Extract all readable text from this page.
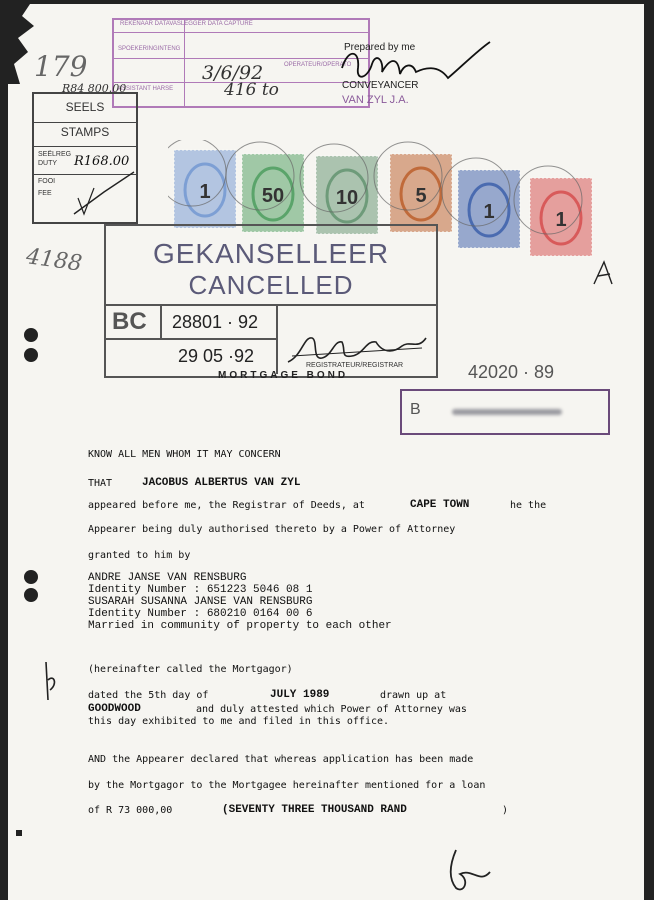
REKENAAR DATAVASLEGGER DATA CAPTURE
SPOEKERINGINTENG
OPERATEUR/OPERATO
ASSISTANT HARSE
3/6/92
416 to
179
R84 800.00
Prepared by me
CONVEYANCER
VAN ZYL J.A.
SEELS
STAMPS
SEËLREG DUTY	R168.00
FOOI
FEE
4188
1	50	10	5
1	1
GEKANSELLEER
CANCELLED
BC 28801 · 92
29 05 ·92	REGISTRATEUR/REGISTRAR
MORTGAGE BOND	42020 · 89
B
KNOW ALL MEN WHOM IT MAY CONCERN
THAT	JACOBUS ALBERTUS VAN ZYL
appeared before me, the Registrar of Deeds, at	CAPE TOWN	he the
Appearer being duly authorised thereto by a Power of Attorney
granted to him by
ANDRE JANSE VAN RENSBURG
Identity Number : 651223 5046 08 1
SUSARAH SUSANNA JANSE VAN RENSBURG
Identity Number : 680210 0164 00 6
Married in community of property to each other
(hereinafter called the Mortgagor)
dated the 5th day of	JULY 1989	drawn up at
GOODWOOD	and duly attested which Power of Attorney was
this day exhibited to me and filed in this office.
AND the Appearer declared that whereas application has been made
by the Mortgagor to the Mortgagee hereinafter mentioned for a loan
of R 73 000,00	(SEVENTY THREE THOUSAND RAND	)
